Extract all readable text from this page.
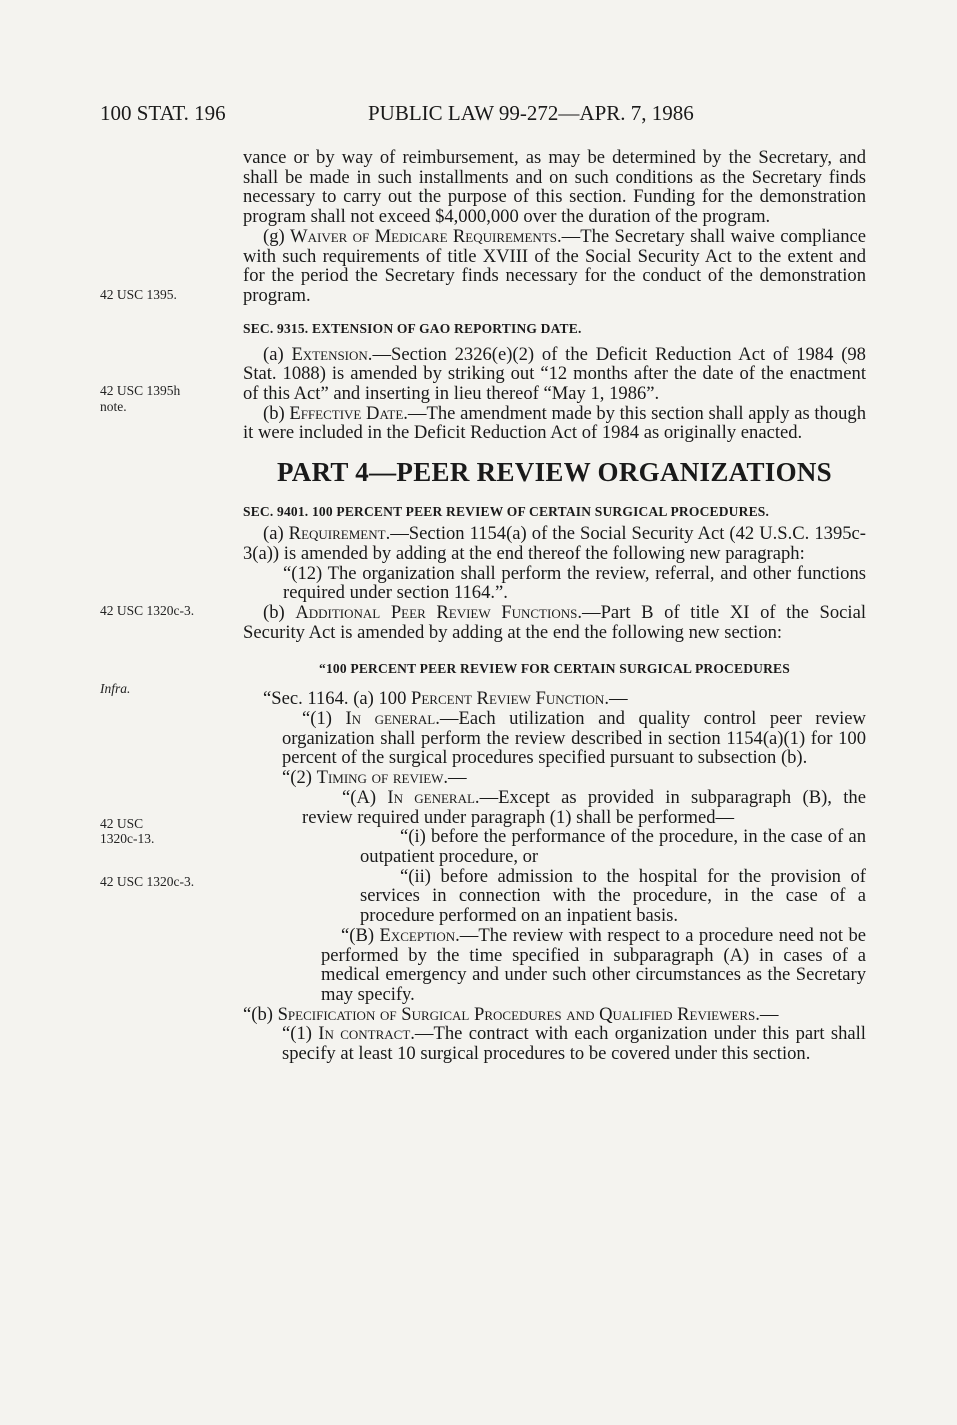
100 STAT. 196	PUBLIC LAW 99-272—APR. 7, 1986
42 USC 1395.
42 USC 1395h
note.
42 USC 1320c-3.
Infra.
42 USC
1320c-13.
42 USC 1320c-3.

vance or by way of reimbursement, as may be determined by the Secretary, and shall be made in such installments and on such conditions as the Secretary finds necessary to carry out the purpose of this section. Funding for the demonstration program shall not exceed $4,000,000 over the duration of the program.

(g) Waiver of Medicare Requirements.—The Secretary shall waive compliance with such requirements of title XVIII of the Social Security Act to the extent and for the period the Secretary finds necessary for the conduct of the demonstration program.

SEC. 9315. EXTENSION OF GAO REPORTING DATE.

(a) Extension.—Section 2326(e)(2) of the Deficit Reduction Act of 1984 (98 Stat. 1088) is amended by striking out “12 months after the date of the enactment of this Act” and inserting in lieu thereof “May 1, 1986”.

(b) Effective Date.—The amendment made by this section shall apply as though it were included in the Deficit Reduction Act of 1984 as originally enacted.

PART 4—PEER REVIEW ORGANIZATIONS

SEC. 9401. 100 PERCENT PEER REVIEW OF CERTAIN SURGICAL PROCEDURES.

(a) Requirement.—Section 1154(a) of the Social Security Act (42 U.S.C. 1395c-3(a)) is amended by adding at the end thereof the following new paragraph:

“(12) The organization shall perform the review, referral, and other functions required under section 1164.”.

(b) Additional Peer Review Functions.—Part B of title XI of the Social Security Act is amended by adding at the end the following new section:

“100 PERCENT PEER REVIEW FOR CERTAIN SURGICAL PROCEDURES

“Sec. 1164. (a) 100 Percent Review Function.—

“(1) In general.—Each utilization and quality control peer review organization shall perform the review described in section 1154(a)(1) for 100 percent of the surgical procedures specified pursuant to subsection (b).

“(2) Timing of review.—

“(A) In general.—Except as provided in subparagraph (B), the review required under paragraph (1) shall be performed—

“(i) before the performance of the procedure, in the case of an outpatient procedure, or

“(ii) before admission to the hospital for the provision of services in connection with the procedure, in the case of a procedure performed on an inpatient basis.

“(B) Exception.—The review with respect to a procedure need not be performed by the time specified in subparagraph (A) in cases of a medical emergency and under such other circumstances as the Secretary may specify.

“(b) Specification of Surgical Procedures and Qualified Reviewers.—

“(1) In contract.—The contract with each organization under this part shall specify at least 10 surgical procedures to be covered under this section.
